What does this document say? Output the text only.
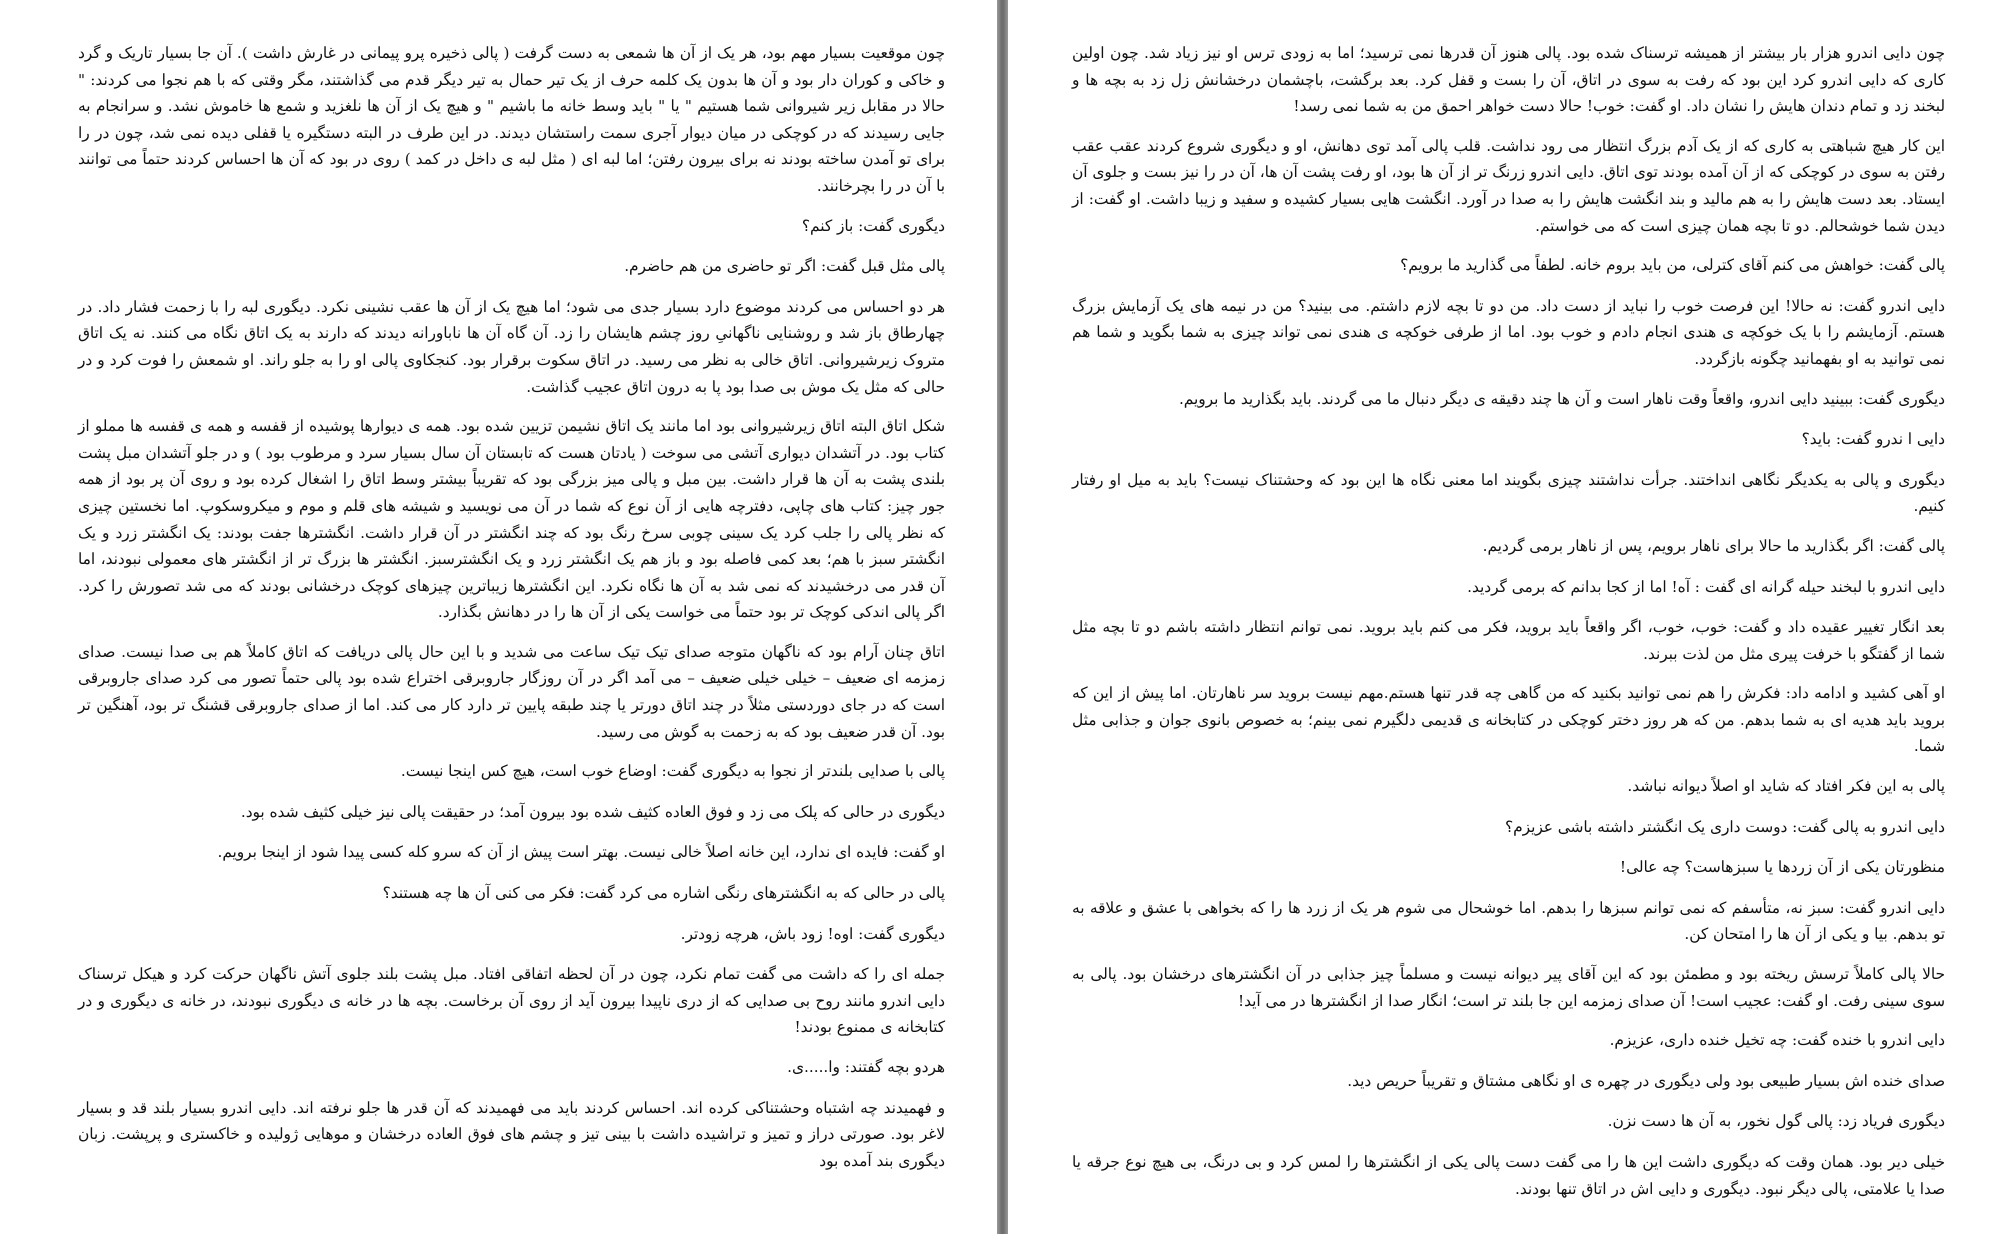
چون موقعیت بسیار مهم بود، هر یک از آن ها شمعی به دست گرفت ( پالی ذخیره پرو پیمانی در غارش داشت ). آن جا بسیار تاریک و گرد و خاکی و کوران دار بود و آن ها بدون یک کلمه حرف از یک تیر حمال به تیر دیگر قدم می گذاشتند، مگر وقتی که با هم نجوا می کردند: " حالا در مقابل زیر شیروانی شما هستیم " یا " باید وسط خانه ما باشیم " و هیچ یک از آن ها نلغزید و شمع ها خاموش نشد. و سرانجام به جایی رسیدند که در کوچکی در میان دیوار آجری سمت راستشان دیدند. در این طرف در البته دستگیره یا قفلی دیده نمی شد، چون در را برای تو آمدن ساخته بودند نه برای بیرون رفتن؛ اما لبه ای ( مثل لبه ی داخل در کمد ) روی در بود که آن ها احساس کردند حتماً می توانند با آن در را بچرخانند.

دیگوری گفت: باز کنم؟

پالی مثل قبل گفت: اگر تو حاضری من هم حاضرم.

هر دو احساس می کردند موضوع دارد بسیار جدی می شود؛ اما هیچ یک از آن ها عقب نشینی نکرد. دیگوری لبه را با زحمت فشار داد. در چهارطاق باز شد و روشنایی ناگهانیِ روز چشم هایشان را زد. آن گاه آن ها ناباورانه دیدند که دارند به یک اتاق نگاه می کنند. نه یک اتاق متروک زیرشیروانی. اتاق خالی به نظر می رسید. در اتاق سکوت برقرار بود. کنجکاوی پالی او را به جلو راند. او شمعش را فوت کرد و در حالی که مثل یک موش بی صدا بود پا به درون اتاق عجیب گذاشت.

شکل اتاق البته اتاق زیرشیروانی بود اما مانند یک اتاق نشیمن تزیین شده بود. همه ی دیوارها پوشیده از قفسه و همه ی قفسه ها مملو از کتاب بود. در آتشدان دیواری آتشی می سوخت ( یادتان هست که تابستان آن سال بسیار سرد و مرطوب بود ) و در جلو آتشدان مبل پشت بلندی پشت به آن ها قرار داشت. بین مبل و پالی میز بزرگی بود که تقریباً بیشتر وسط اتاق را اشغال کرده بود و روی آن پر بود از همه جور چیز: کتاب های چاپی، دفترچه هایی از آن نوع که شما در آن می نویسید و شیشه های قلم و موم و میکروسکوپ. اما نخستین چیزی که نظر پالی را جلب کرد یک سینی چوبی سرخ رنگ بود که چند انگشتر در آن قرار داشت. انگشترها جفت بودند: یک انگشتر زرد و یک انگشتر سبز با هم؛ بعد کمی فاصله بود و باز هم یک انگشتر زرد و یک انگشترسبز. انگشتر ها بزرگ تر از انگشتر های معمولی نبودند، اما آن قدر می درخشیدند که نمی شد به آن ها نگاه نکرد. این انگشترها زیباترین چیزهای کوچک درخشانی بودند که می شد تصورش را کرد. اگر پالی اندکی کوچک تر بود حتماً می خواست یکی از آن ها را در دهانش بگذارد.

اتاق چنان آرام بود که ناگهان متوجه صدای تیک تیک ساعت می شدید و با این حال پالی دریافت که اتاق کاملاً هم بی صدا نیست. صدای زمزمه ای ضعیف – خیلی خیلی ضعیف – می آمد اگر در آن روزگار جاروبرقی اختراع شده بود پالی حتماً تصور می کرد صدای جاروبرقی است که در جای دوردستی مثلاً در چند اتاق دورتر یا چند طبقه پایین تر دارد کار می کند. اما از صدای جاروبرقی قشنگ تر بود، آهنگین تر بود. آن قدر ضعیف بود که به زحمت به گوش می رسید.

پالی با صدایی بلندتر از نجوا به دیگوری گفت: اوضاع خوب است، هیچ کس اینجا نیست.

دیگوری در حالی که پلک می زد و فوق العاده کثیف شده بود بیرون آمد؛ در حقیقت پالی نیز خیلی کثیف شده بود.

او گفت: فایده ای ندارد، این خانه اصلاً خالی نیست. بهتر است پیش از آن که سرو کله کسی پیدا شود از اینجا برویم.

پالی در حالی که به انگشترهای رنگی اشاره می کرد گفت: فکر می کنی آن ها چه هستند؟

دیگوری گفت: اوه! زود باش، هرچه زودتر.

جمله ای را که داشت می گفت تمام نکرد، چون در آن لحظه اتفاقی افتاد. مبل پشت بلند جلوی آتش ناگهان حرکت کرد و هیکل ترسناک دایی اندرو مانند روح بی صدایی که از دری ناپیدا بیرون آید از روی آن برخاست. بچه ها در خانه ی دیگوری نبودند، در خانه ی دیگوری و در کتابخانه ی ممنوع بودند!

هردو بچه گفتند: وا.....ی.

و فهمیدند چه اشتباه وحشتناکی کرده اند. احساس کردند باید می فهمیدند که آن قدر ها جلو نرفته اند. دایی اندرو بسیار بلند قد و بسیار لاغر بود. صورتی دراز و تمیز و تراشیده داشت با بینی تیز و چشم های فوق العاده درخشان و موهایی ژولیده و خاکستری و پرپشت. زبان دیگوری بند آمده بود

چون دایی اندرو هزار بار بیشتر از همیشه ترسناک شده بود. پالی هنوز آن قدرها نمی ترسید؛ اما به زودی ترس او نیز زیاد شد. چون اولین کاری که دایی اندرو کرد این بود که رفت به سوی در اتاق، آن را بست و قفل کرد. بعد برگشت، باچشمان درخشانش زل زد به بچه ها و لبخند زد و تمام دندان هایش را نشان داد. او گفت: خوب! حالا دست خواهر احمق من به شما نمی رسد!

این کار هیچ شباهتی به کاری که از یک آدم بزرگ انتظار می رود نداشت. قلب پالی آمد توی دهانش، او و دیگوری شروع کردند عقب عقب رفتن به سوی در کوچکی که از آن آمده بودند توی اتاق. دایی اندرو زرنگ تر از آن ها بود، او رفت پشت آن ها، آن در را نیز بست و جلوی آن ایستاد. بعد دست هایش را به هم مالید و بند انگشت هایش را به صدا در آورد. انگشت هایی بسیار کشیده و سفید و زیبا داشت. او گفت: از دیدن شما خوشحالم. دو تا بچه همان چیزی است که می خواستم.

پالی گفت: خواهش می کنم آقای کترلی، من باید بروم خانه. لطفاً می گذارید ما برویم؟

دایی اندرو گفت: نه حالا! این فرصت خوب را نباید از دست داد. من دو تا بچه لازم داشتم. می بینید؟ من در نیمه های یک آزمایش بزرگ هستم. آزمایشم را با یک خوکچه ی هندی انجام دادم و خوب بود. اما از طرفی خوکچه ی هندی نمی تواند چیزی به شما بگوید و شما هم نمی توانید به او بفهمانید چگونه بازگردد.

دیگوری گفت: ببینید دایی اندرو، واقعاً وقت ناهار است و آن ها چند دقیقه ی دیگر دنبال ما می گردند. باید بگذارید ما برویم.

دایی ا ندرو گفت: باید؟

دیگوری و پالی به یکدیگر نگاهی انداختند. جرأت نداشتند چیزی بگویند اما معنی نگاه ها این بود که وحشتناک نیست؟ باید به میل او رفتار کنیم.

پالی گفت: اگر بگذارید ما حالا برای ناهار برویم، پس از ناهار برمی گردیم.

دایی اندرو با لبخند حیله گرانه ای گفت : آه! اما از کجا بدانم که برمی گردید.

بعد انگار تغییر عقیده داد و گفت: خوب، خوب، اگر واقعاً باید بروید، فکر می کنم باید بروید. نمی توانم انتظار داشته باشم دو تا بچه مثل شما از گفتگو با خرفت پیری مثل من لذت ببرند.

او آهی کشید و ادامه داد: فکرش را هم نمی توانید بکنید که من گاهی چه قدر تنها هستم.مهم نیست بروید سر ناهارتان. اما پیش از این که بروید باید هدیه ای به شما بدهم. من که هر روز دختر کوچکی در کتابخانه ی قدیمی دلگیرم نمی بینم؛ به خصوص بانوی جوان و جذابی مثل شما.

پالی به این فکر افتاد که شاید او اصلاً دیوانه نباشد.

دایی اندرو به پالی گفت: دوست داری یک انگشتر داشته باشی عزیزم؟

منظورتان یکی از آن زردها یا سبزهاست؟ چه عالی!

دایی اندرو گفت: سبز نه، متأسفم که نمی توانم سبزها را بدهم. اما خوشحال می شوم هر یک از زرد ها را که بخواهی با عشق و علاقه به تو بدهم. بیا و یکی از آن ها را امتحان کن.

حالا پالی کاملاً ترسش ریخته بود و مطمئن بود که این آقای پیر دیوانه نیست و مسلماً چیز جذابی در آن انگشترهای درخشان بود. پالی به سوی سینی رفت. او گفت: عجیب است! آن صدای زمزمه این جا بلند تر است؛ انگار صدا از انگشترها در می آید!

دایی اندرو با خنده گفت: چه تخیل خنده داری، عزیزم.

صدای خنده اش بسیار طبیعی بود ولی دیگوری در چهره ی او نگاهی مشتاق و تقریباً حریص دید.

دیگوری فریاد زد: پالی گول نخور، به آن ها دست نزن.

خیلی دیر بود. همان وقت که دیگوری داشت این ها را می گفت دست پالی یکی از انگشترها را لمس کرد و بی درنگ، بی هیچ نوع جرقه یا صدا یا علامتی، پالی دیگر نبود. دیگوری و دایی اش در اتاق تنها بودند.
